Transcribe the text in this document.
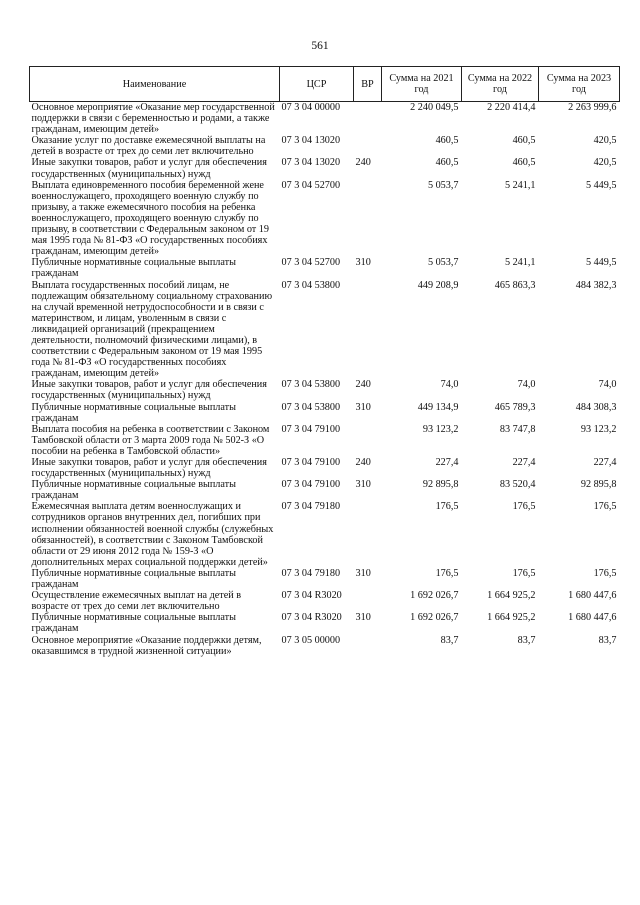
561
Наименование	ЦСР	ВР	Сумма на 2021 год	Сумма на 2022 год	Сумма на 2023 год
Основное мероприятие «Оказание мер государственной поддержки в связи с беременностью и родами, а также гражданам, имеющим детей»	07 3 04 00000		2 240 049,5	2 220 414,4	2 263 999,6
Оказание услуг по доставке ежемесячной выплаты на детей в возрасте от трех до семи лет включительно	07 3 04 13020		460,5	460,5	420,5
Иные закупки товаров, работ и услуг для обеспечения государственных (муниципальных) нужд	07 3 04 13020	240	460,5	460,5	420,5
Выплата единовременного пособия беременной жене военнослужащего, проходящего военную службу по призыву, а также ежемесячного пособия на ребенка военнослужащего, проходящего военную службу по призыву, в соответствии с Федеральным законом от 19 мая 1995 года № 81-ФЗ «О государственных пособиях гражданам, имеющим детей»	07 3 04 52700		5 053,7	5 241,1	5 449,5
Публичные нормативные социальные выплаты гражданам	07 3 04 52700	310	5 053,7	5 241,1	5 449,5
Выплата государственных пособий лицам, не подлежащим обязательному социальному страхованию на случай временной нетрудоспособности и в связи с материнством, и лицам, уволенным в связи с ликвидацией организаций (прекращением деятельности, полномочий физическими лицами), в соответствии с Федеральным законом от 19 мая 1995 года № 81-ФЗ «О государственных пособиях гражданам, имеющим детей»	07 3 04 53800		449 208,9	465 863,3	484 382,3
Иные закупки товаров, работ и услуг для обеспечения государственных (муниципальных) нужд	07 3 04 53800	240	74,0	74,0	74,0
Публичные нормативные социальные выплаты гражданам	07 3 04 53800	310	449 134,9	465 789,3	484 308,3
Выплата пособия на ребенка в соответствии с Законом Тамбовской области от 3 марта 2009 года № 502-З «О пособии на ребенка в Тамбовской области»	07 3 04 79100		93 123,2	83 747,8	93 123,2
Иные закупки товаров, работ и услуг для обеспечения государственных (муниципальных) нужд	07 3 04 79100	240	227,4	227,4	227,4
Публичные нормативные социальные выплаты гражданам	07 3 04 79100	310	92 895,8	83 520,4	92 895,8
Ежемесячная выплата детям военнослужащих и сотрудников органов внутренних дел, погибших при исполнении обязанностей военной службы (служебных обязанностей), в соответствии с Законом Тамбовской области от 29 июня 2012 года № 159-З «О дополнительных мерах социальной поддержки детей»	07 3 04 79180		176,5	176,5	176,5
Публичные нормативные социальные выплаты гражданам	07 3 04 79180	310	176,5	176,5	176,5
Осуществление ежемесячных выплат на детей в возрасте от трех до семи лет включительно	07 3 04 R3020		1 692 026,7	1 664 925,2	1 680 447,6
Публичные нормативные социальные выплаты гражданам	07 3 04 R3020	310	1 692 026,7	1 664 925,2	1 680 447,6
Основное мероприятие «Оказание поддержки детям, оказавшимся в трудной жизненной ситуации»	07 3 05 00000		83,7	83,7	83,7
